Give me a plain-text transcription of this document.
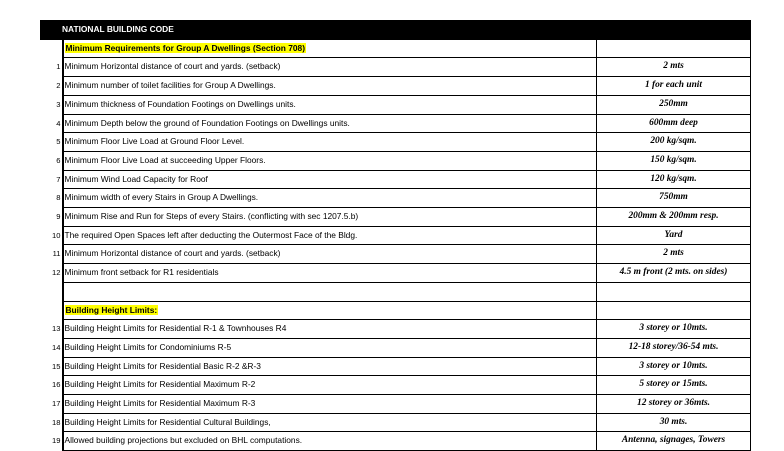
NATIONAL BUILDING CODE		
	Minimum Requirements for Group A Dwellings (Section 708)	
1	Minimum Horizontal distance of court and yards. (setback)	2 mts
2	Minimum number of toilet facilities for Group A Dwellings.	1 for each unit
3	Minimum thickness of Foundation Footings on Dwellings units.	250mm
4	Minimum Depth below the ground of Foundation Footings on Dwellings units.	600mm deep
5	Minimum Floor Live Load at Ground Floor Level.	200 kg/sqm.
6	Minimum Floor Live Load at succeeding Upper Floors.	150 kg/sqm.
7	Minimum Wind Load Capacity for Roof	120 kg/sqm.
8	Minimum width of every Stairs in Group A Dwellings.	750mm
9	Minimum Rise and Run for Steps of every Stairs. (conflicting with sec 1207.5.b)	200mm & 200mm resp.
10	The required Open Spaces left after deducting the Outermost Face of the Bldg.	Yard
11	Minimum Horizontal distance of court and yards. (setback)	2 mts
12	Minimum front setback for R1 residentials	4.5 m front (2 mts. on sides)

	Building Height Limits:	
13	Building Height Limits for Residential R-1 & Townhouses R4	3 storey or 10mts.
14	Building Height Limits for Condominiums R-5	12-18 storey/36-54 mts.
15	Building Height Limits for Residential Basic R-2 &R-3	3 storey or 10mts.
16	Building Height Limits for Residential Maximum R-2	5 storey or 15mts.
17	Building Height Limits for Residential Maximum R-3	12 storey or 36mts.
18	Building Height Limits for Residential Cultural Buildings,	30 mts.
19	Allowed building projections but excluded on BHL computations.	Antenna, signages, Towers
